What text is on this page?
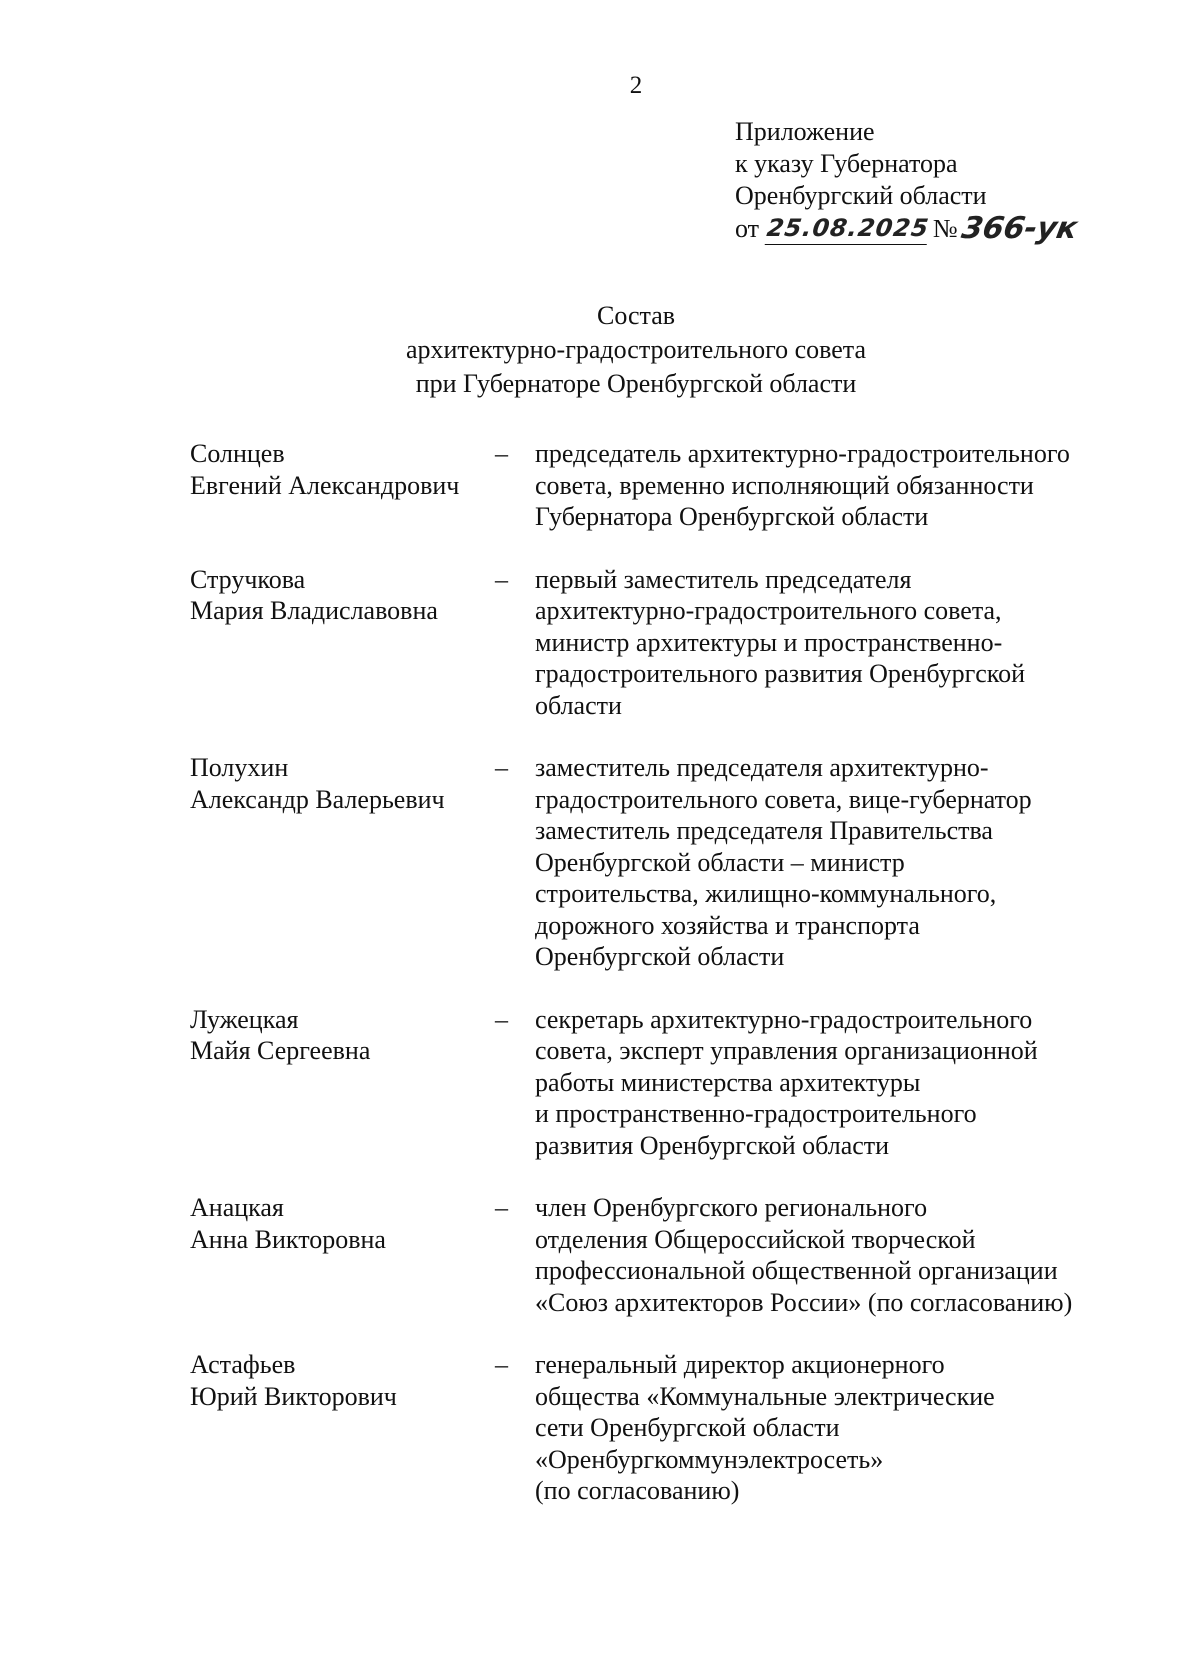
2
Приложение
к указу Губернатора
Оренбургский области
от 25.08.2025 № 366-ук
Состав
архитектурно-градостроительного совета
при Губернаторе Оренбургской области
Солнцев
Евгений Александрович
–	председатель архитектурно-градостроительного
совета, временно исполняющий обязанности
Губернатора Оренбургской области
Стручкова
Мария Владиславовна
–	первый заместитель председателя
архитектурно-градостроительного совета,
министр архитектуры и пространственно-
градостроительного развития Оренбургской
области
Полухин
Александр Валерьевич
–	заместитель председателя архитектурно-
градостроительного совета, вице-губернатор
заместитель председателя Правительства
Оренбургской области – министр
строительства, жилищно-коммунального,
дорожного хозяйства и транспорта
Оренбургской области
Лужецкая
Майя Сергеевна
–	секретарь архитектурно-градостроительного
совета, эксперт управления организационной
работы министерства архитектуры
и пространственно-градостроительного
развития Оренбургской области
Анацкая
Анна Викторовна
–	член Оренбургского регионального
отделения Общероссийской творческой
профессиональной общественной организации
«Союз архитекторов России» (по согласованию)
Астафьев
Юрий Викторович
–	генеральный директор акционерного
общества «Коммунальные электрические
сети Оренбургской области
«Оренбургкоммунэлектросеть»
(по согласованию)
